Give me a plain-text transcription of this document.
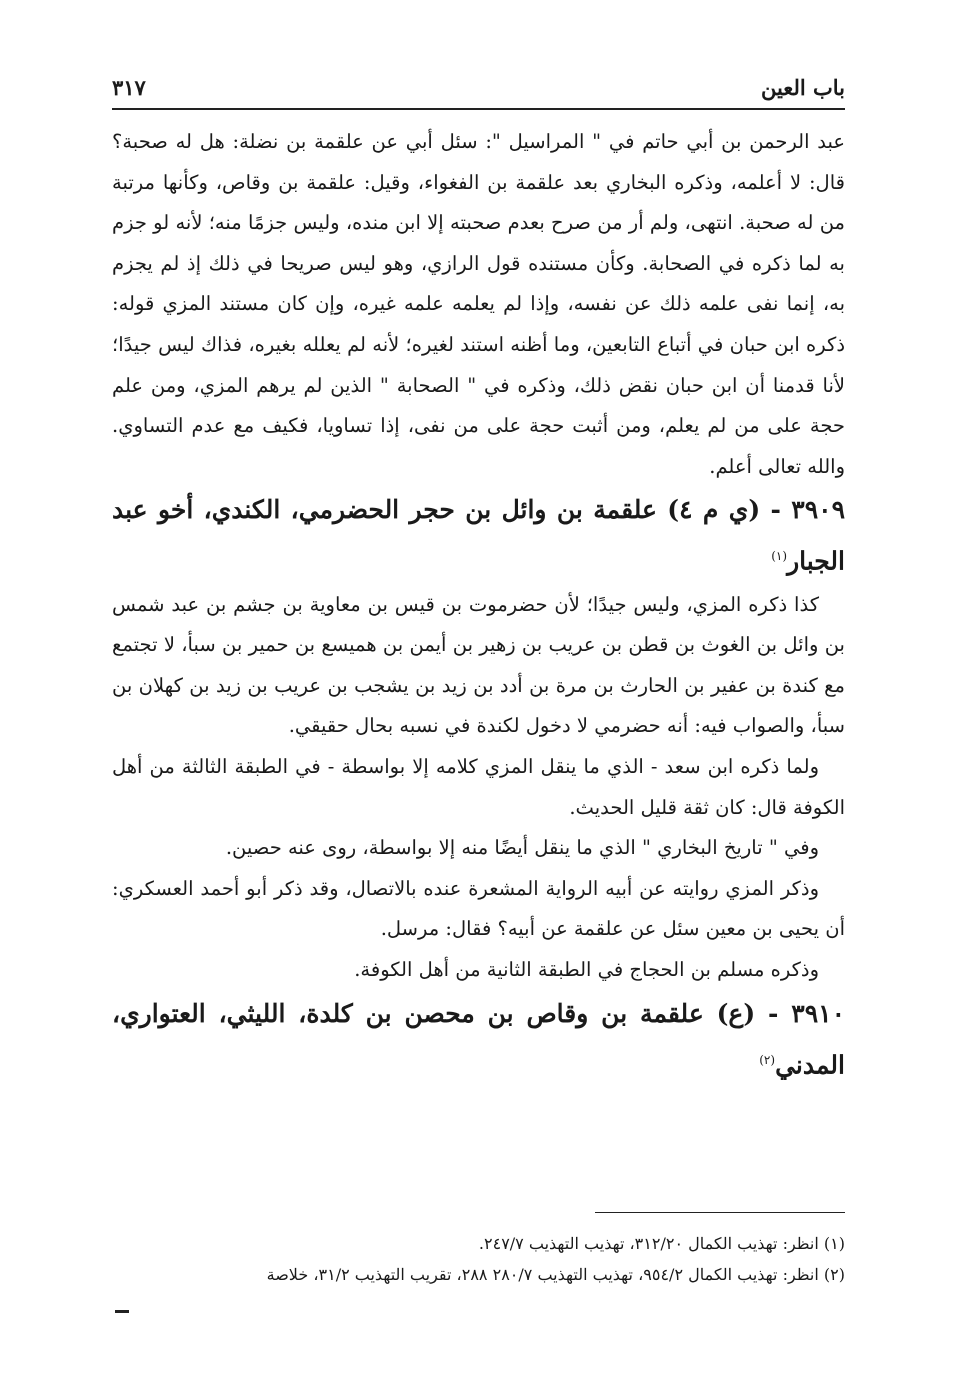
باب العين
٣١٧

عبد الرحمن بن أبي حاتم في " المراسيل ": سئل أبي عن علقمة بن نضلة: هل له صحبة؟ قال: لا أعلمه، وذكره البخاري بعد علقمة بن الفغواء، وقيل: علقمة بن وقاص، وكأنها مرتبة من له صحبة. انتهى، ولم أر من صرح بعدم صحبته إلا ابن منده، وليس جزمًا منه؛ لأنه لو جزم به لما ذكره في الصحابة. وكأن مستنده قول الرازي، وهو ليس صريحا في ذلك إذ لم يجزم به، إنما نفى علمه ذلك عن نفسه، وإذا لم يعلمه علمه غيره، وإن كان مستند المزي قوله: ذكره ابن حبان في أتباع التابعين، وما أظنه استند لغيره؛ لأنه لم يعلله بغيره، فذاك ليس جيدًا؛ لأنا قدمنا أن ابن حبان نقض ذلك، وذكره في " الصحابة " الذين لم يرهم المزي، ومن علم حجة على من لم يعلم، ومن أثبت حجة على من نفى، إذا تساويا، فكيف مع عدم التساوي. والله تعالى أعلم.

٣٩٠٩ - (ي م ٤) علقمة بن وائل بن حجر الحضرمي، الكندي، أخو عبد الجبار$^{(١)}$

كذا ذكره المزي، وليس جيدًا؛ لأن حضرموت بن قيس بن معاوية بن جشم بن عبد شمس بن وائل بن الغوث بن قطن بن عريب بن زهير بن أيمن بن هميسع بن حمير بن سبأ، لا تجتمع مع كندة بن عفير بن الحارث بن مرة بن أدد بن زيد بن يشجب بن عريب بن زيد بن كهلان بن سبأ، والصواب فيه: أنه حضرمي لا دخول لكندة في نسبه بحال حقيقي.

ولما ذكره ابن سعد - الذي ما ينقل المزي كلامه إلا بواسطة - في الطبقة الثالثة من أهل الكوفة قال: كان ثقة قليل الحديث.

وفي " تاريخ البخاري " الذي ما ينقل أيضًا منه إلا بواسطة، روى عنه حصين.

وذكر المزي روايته عن أبيه الرواية المشعرة عنده بالاتصال، وقد ذكر أبو أحمد العسكري: أن يحيى بن معين سئل عن علقمة عن أبيه؟ فقال: مرسل.

وذكره مسلم بن الحجاج في الطبقة الثانية من أهل الكوفة.

٣٩١٠ - (ع) علقمة بن وقاص بن محصن بن كلدة، الليثي، العتواري، المدني$^{(٢)}$

(١) انظر: تهذيب الكمال ٣١٢/٢٠، تهذيب التهذيب ٢٤٧/٧.

(٢) انظر: تهذيب الكمال ٩٥٤/٢، تهذيب التهذيب ٢٨٠/٧ ٢٨٨، تقريب التهذيب ٣١/٢، خلاصة
